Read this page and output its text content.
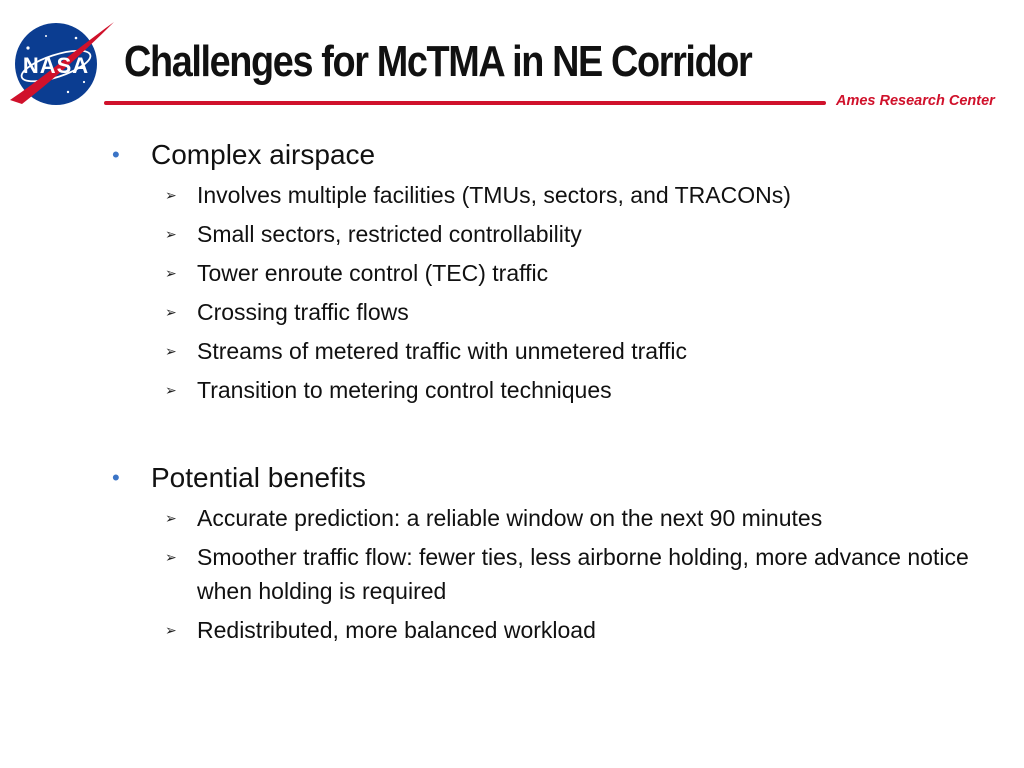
NASA Challenges for McTMA in NE Corridor
Ames Research Center
• Complex airspace
➢ Involves multiple facilities (TMUs, sectors, and TRACONs)
➢ Small sectors, restricted controllability
➢ Tower enroute control (TEC) traffic
➢ Crossing traffic flows
➢ Streams of metered traffic with unmetered traffic
➢ Transition to metering control techniques
• Potential benefits
➢ Accurate prediction: a reliable window on the next 90 minutes
➢ Smoother traffic flow: fewer ties, less airborne holding, more advance notice when holding is required
➢ Redistributed, more balanced workload
